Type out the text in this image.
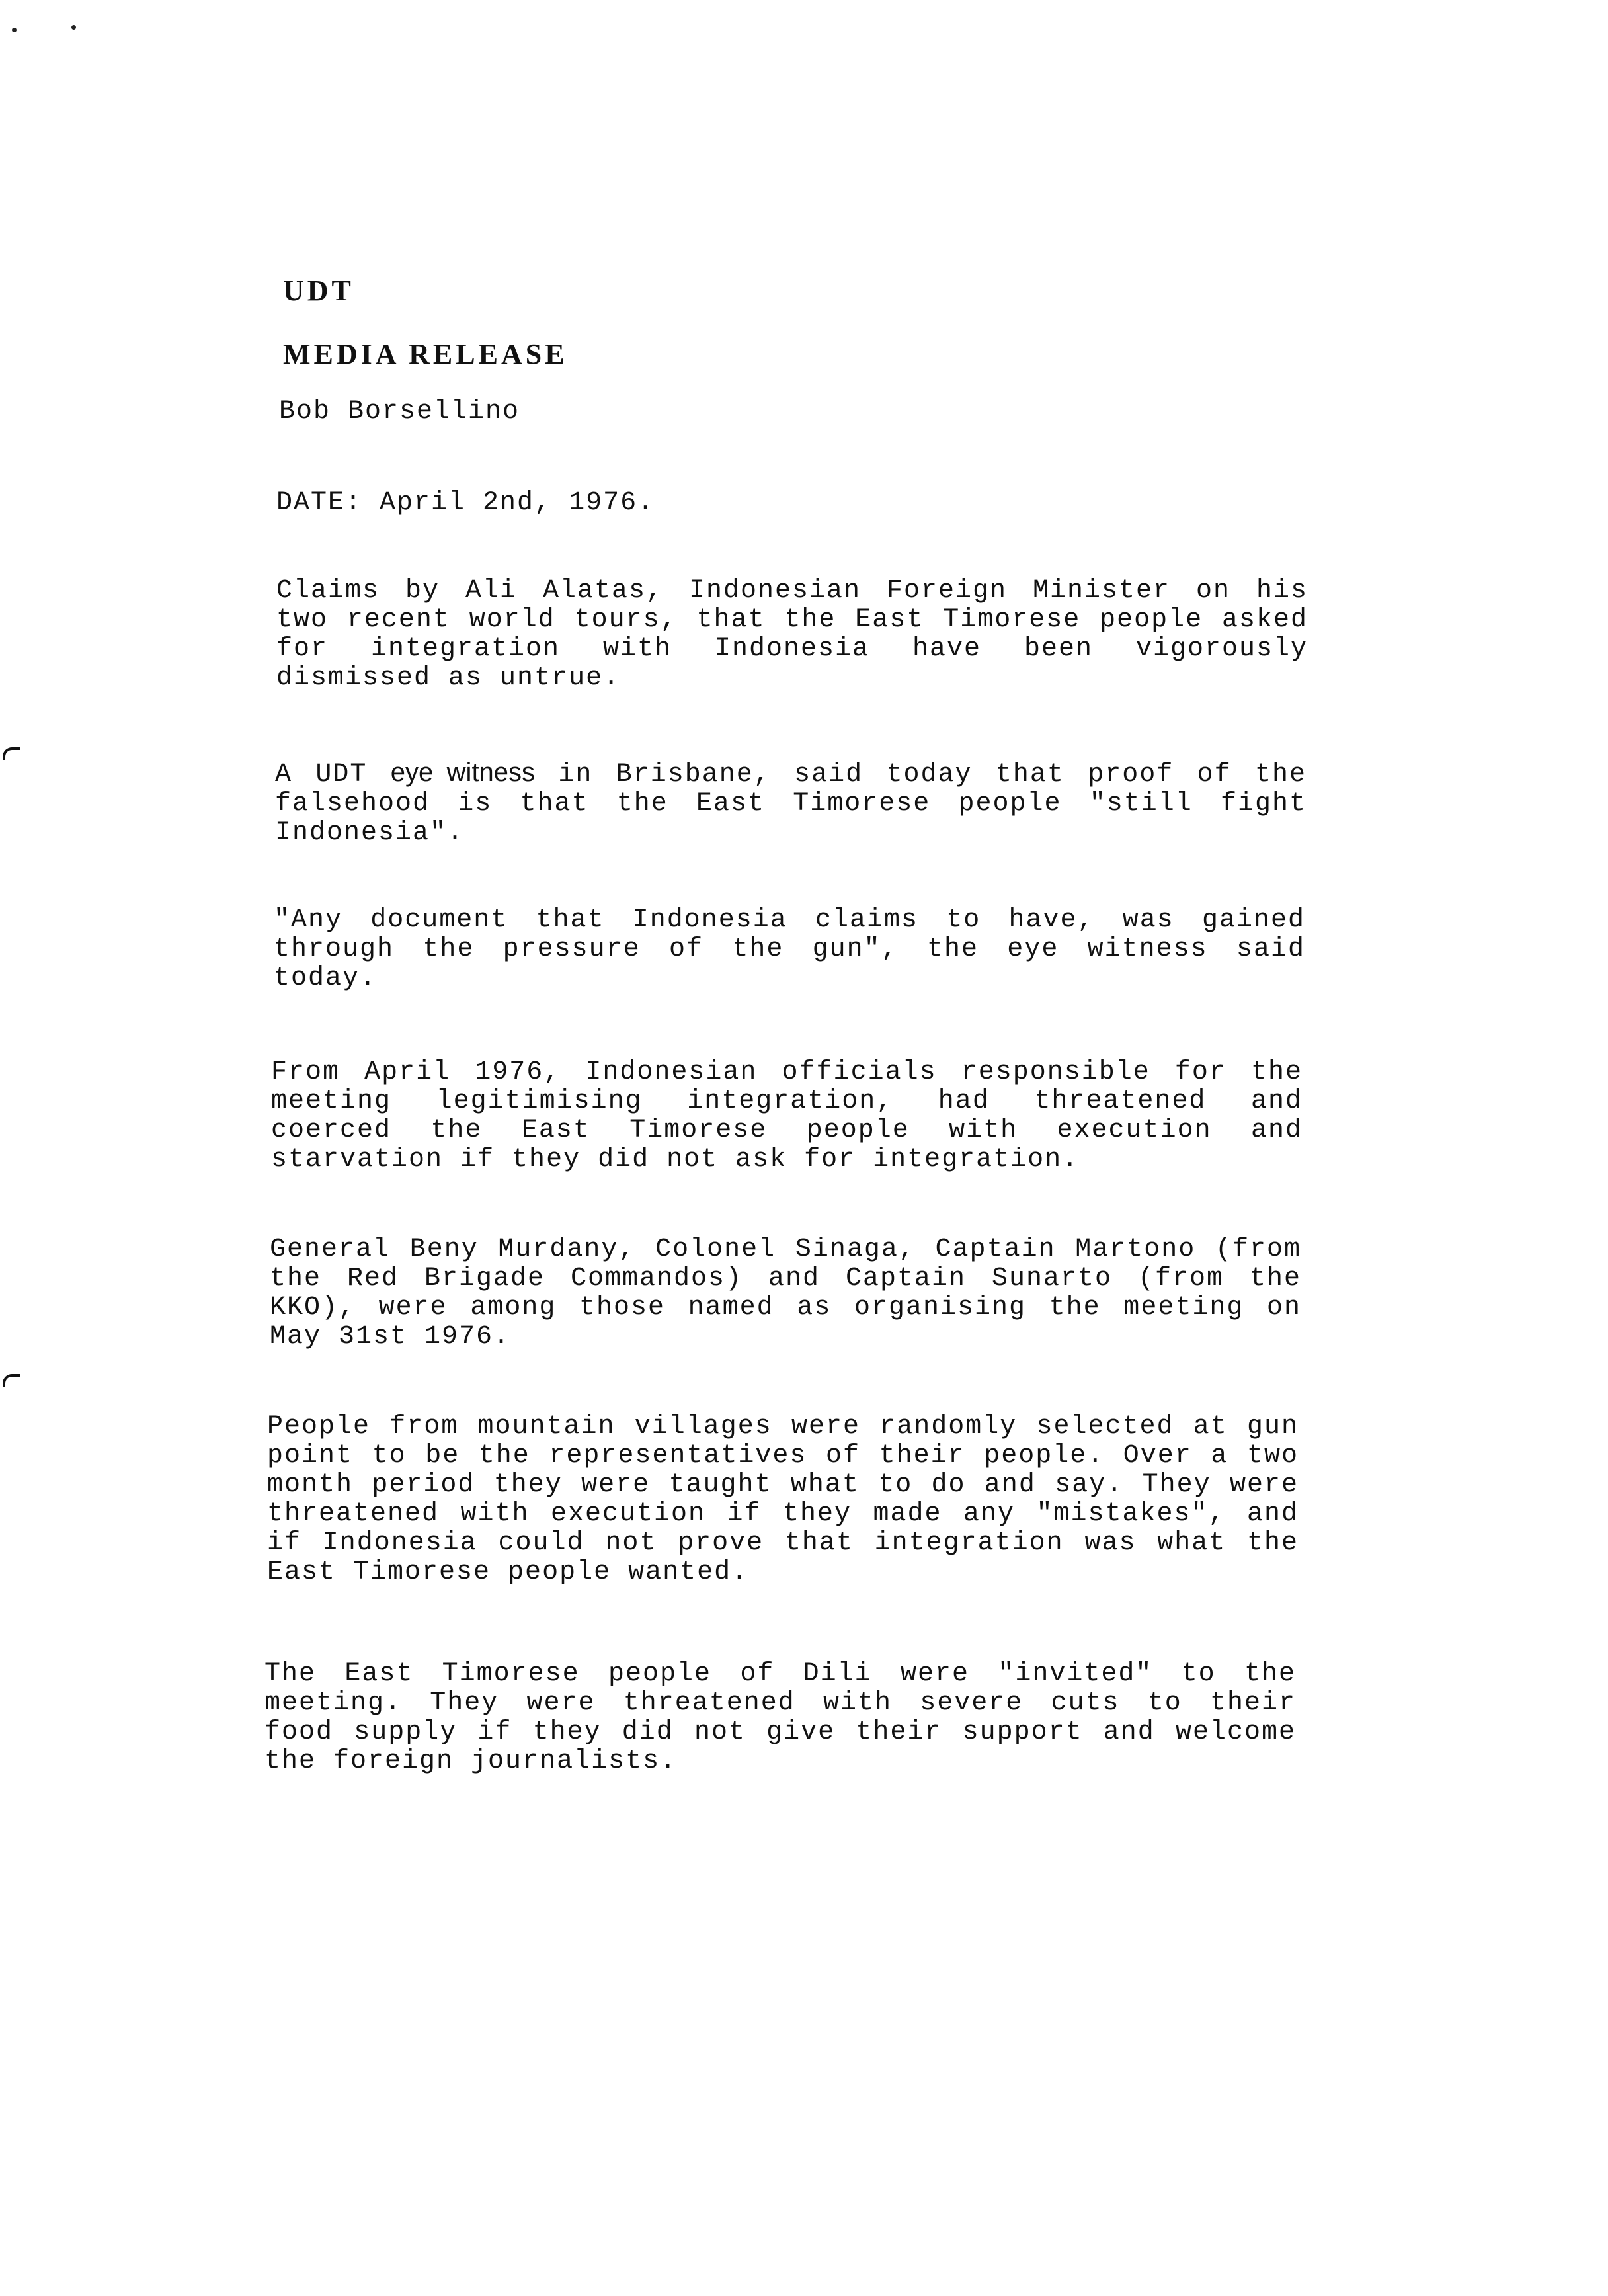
UDT
MEDIA RELEASE
Bob Borsellino
DATE: April 2nd, 1976.
Claims by Ali Alatas, Indonesian Foreign Minister on his two recent world tours, that the East Timorese people asked for integration with Indonesia have been vigorously dismissed as untrue.
A UDT eye witness in Brisbane, said today that proof of the falsehood is that the East Timorese people "still fight Indonesia".
"Any document that Indonesia claims to have, was gained through the pressure of the gun", the eye witness said today.
From April 1976, Indonesian officials responsible for the meeting legitimising integration, had threatened and coerced the East Timorese people with execution and starvation if they did not ask for integration.
General Beny Murdany, Colonel Sinaga, Captain Martono (from the Red Brigade Commandos) and Captain Sunarto (from the KKO), were among those named as organising the meeting on May 31st 1976.
People from mountain villages were randomly selected at gun point to be the representatives of their people. Over a two month period they were taught what to do and say. They were threatened with execution if they made any "mistakes", and if Indonesia could not prove that integration was what the East Timorese people wanted.
The East Timorese people of Dili were "invited" to the meeting. They were threatened with severe cuts to their food supply if they did not give their support and welcome the foreign journalists.
